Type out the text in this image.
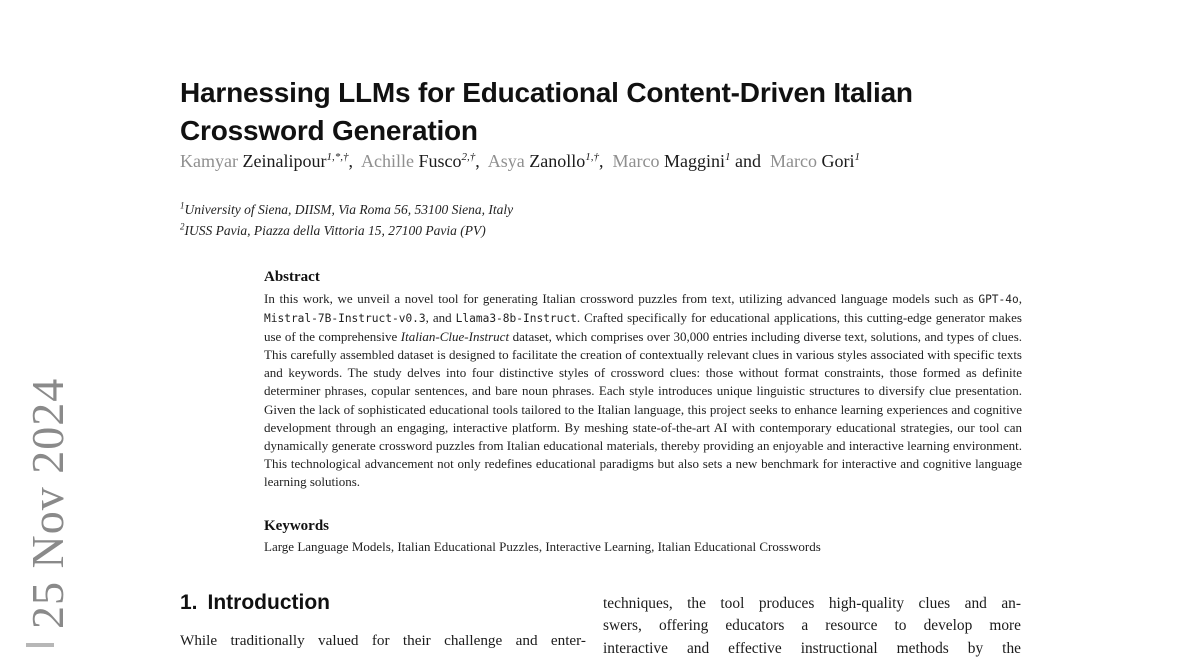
25 Nov 2024
Harnessing LLMs for Educational Content-Driven Italian Crossword Generation
Kamyar Zeinalipour$^{1,*,\dagger}$,  Achille Fusco$^{2,\dagger}$,  Asya Zanollo$^{1,\dagger}$,  Marco Maggini$^1$ and  Marco Gori$^1$
$^1$University of Siena, DIISM, Via Roma 56, 53100 Siena, Italy
$^2$IUSS Pavia, Piazza della Vittoria 15, 27100 Pavia (PV)
Abstract
In this work, we unveil a novel tool for generating Italian crossword puzzles from text, utilizing advanced language models such as GPT-4o, Mistral-7B-Instruct-v0.3, and Llama3-8b-Instruct. Crafted specifically for educational applications, this cutting-edge generator makes use of the comprehensive Italian-Clue-Instruct dataset, which comprises over 30,000 entries including diverse text, solutions, and types of clues. This carefully assembled dataset is designed to facilitate the creation of contextually relevant clues in various styles associated with specific texts and keywords. The study delves into four distinctive styles of crossword clues: those without format constraints, those formed as definite determiner phrases, copular sentences, and bare noun phrases. Each style introduces unique linguistic structures to diversify clue presentation. Given the lack of sophisticated educational tools tailored to the Italian language, this project seeks to enhance learning experiences and cognitive development through an engaging, interactive platform. By meshing state-of-the-art AI with contemporary educational strategies, our tool can dynamically generate crossword puzzles from Italian educational materials, thereby providing an enjoyable and interactive learning environment. This technological advancement not only redefines educational paradigms but also sets a new benchmark for interactive and cognitive language learning solutions.
Keywords
Large Language Models, Italian Educational Puzzles, Interactive Learning, Italian Educational Crosswords
1. Introduction
While traditionally valued for their challenge and enter-
techniques, the tool produces high-quality clues and an-
swers, offering educators a resource to develop more
interactive and effective instructional methods by the
